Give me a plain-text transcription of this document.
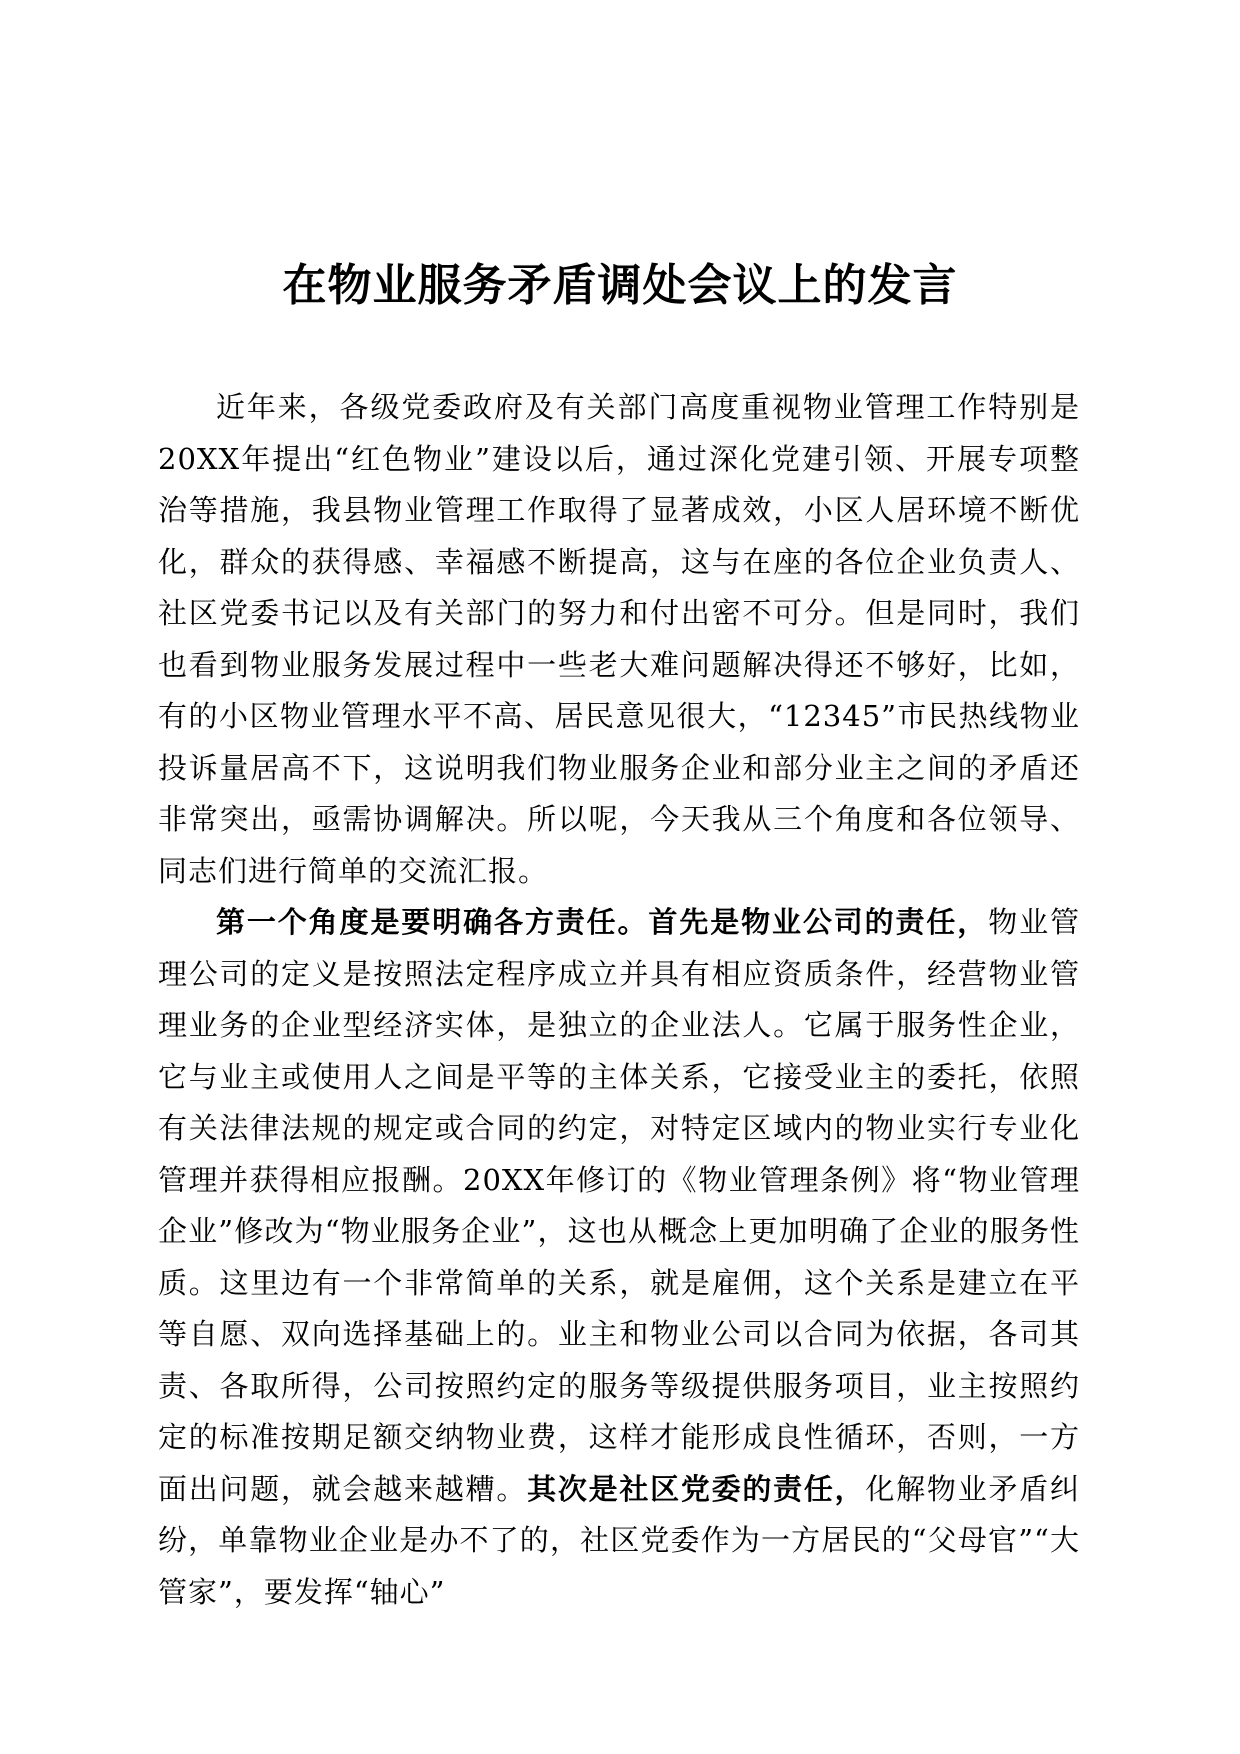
在物业服务矛盾调处会议上的发言

近年来，各级党委政府及有关部门高度重视物业管理工作特别是20XX年提出“红色物业”建设以后，通过深化党建引领、开展专项整治等措施，我县物业管理工作取得了显著成效，小区人居环境不断优化，群众的获得感、幸福感不断提高，这与在座的各位企业负责人、社区党委书记以及有关部门的努力和付出密不可分。但是同时，我们也看到物业服务发展过程中一些老大难问题解决得还不够好，比如，有的小区物业管理水平不高、居民意见很大，“12345”市民热线物业投诉量居高不下，这说明我们物业服务企业和部分业主之间的矛盾还非常突出，亟需协调解决。所以呢，今天我从三个角度和各位领导、同志们进行简单的交流汇报。

第一个角度是要明确各方责任。首先是物业公司的责任，物业管理公司的定义是按照法定程序成立并具有相应资质条件，经营物业管理业务的企业型经济实体，是独立的企业法人。它属于服务性企业，它与业主或使用人之间是平等的主体关系，它接受业主的委托，依照有关法律法规的规定或合同的约定，对特定区域内的物业实行专业化管理并获得相应报酬。20XX年修订的《物业管理条例》将“物业管理企业”修改为“物业服务企业”，这也从概念上更加明确了企业的服务性质。这里边有一个非常简单的关系，就是雇佣，这个关系是建立在平等自愿、双向选择基础上的。业主和物业公司以合同为依据，各司其责、各取所得，公司按照约定的服务等级提供服务项目，业主按照约定的标准按期足额交纳物业费，这样才能形成良性循环，否则，一方面出问题，就会越来越糟。其次是社区党委的责任，化解物业矛盾纠纷，单靠物业企业是办不了的，社区党委作为一方居民的“父母官”“大管家”，要发挥“轴心”
